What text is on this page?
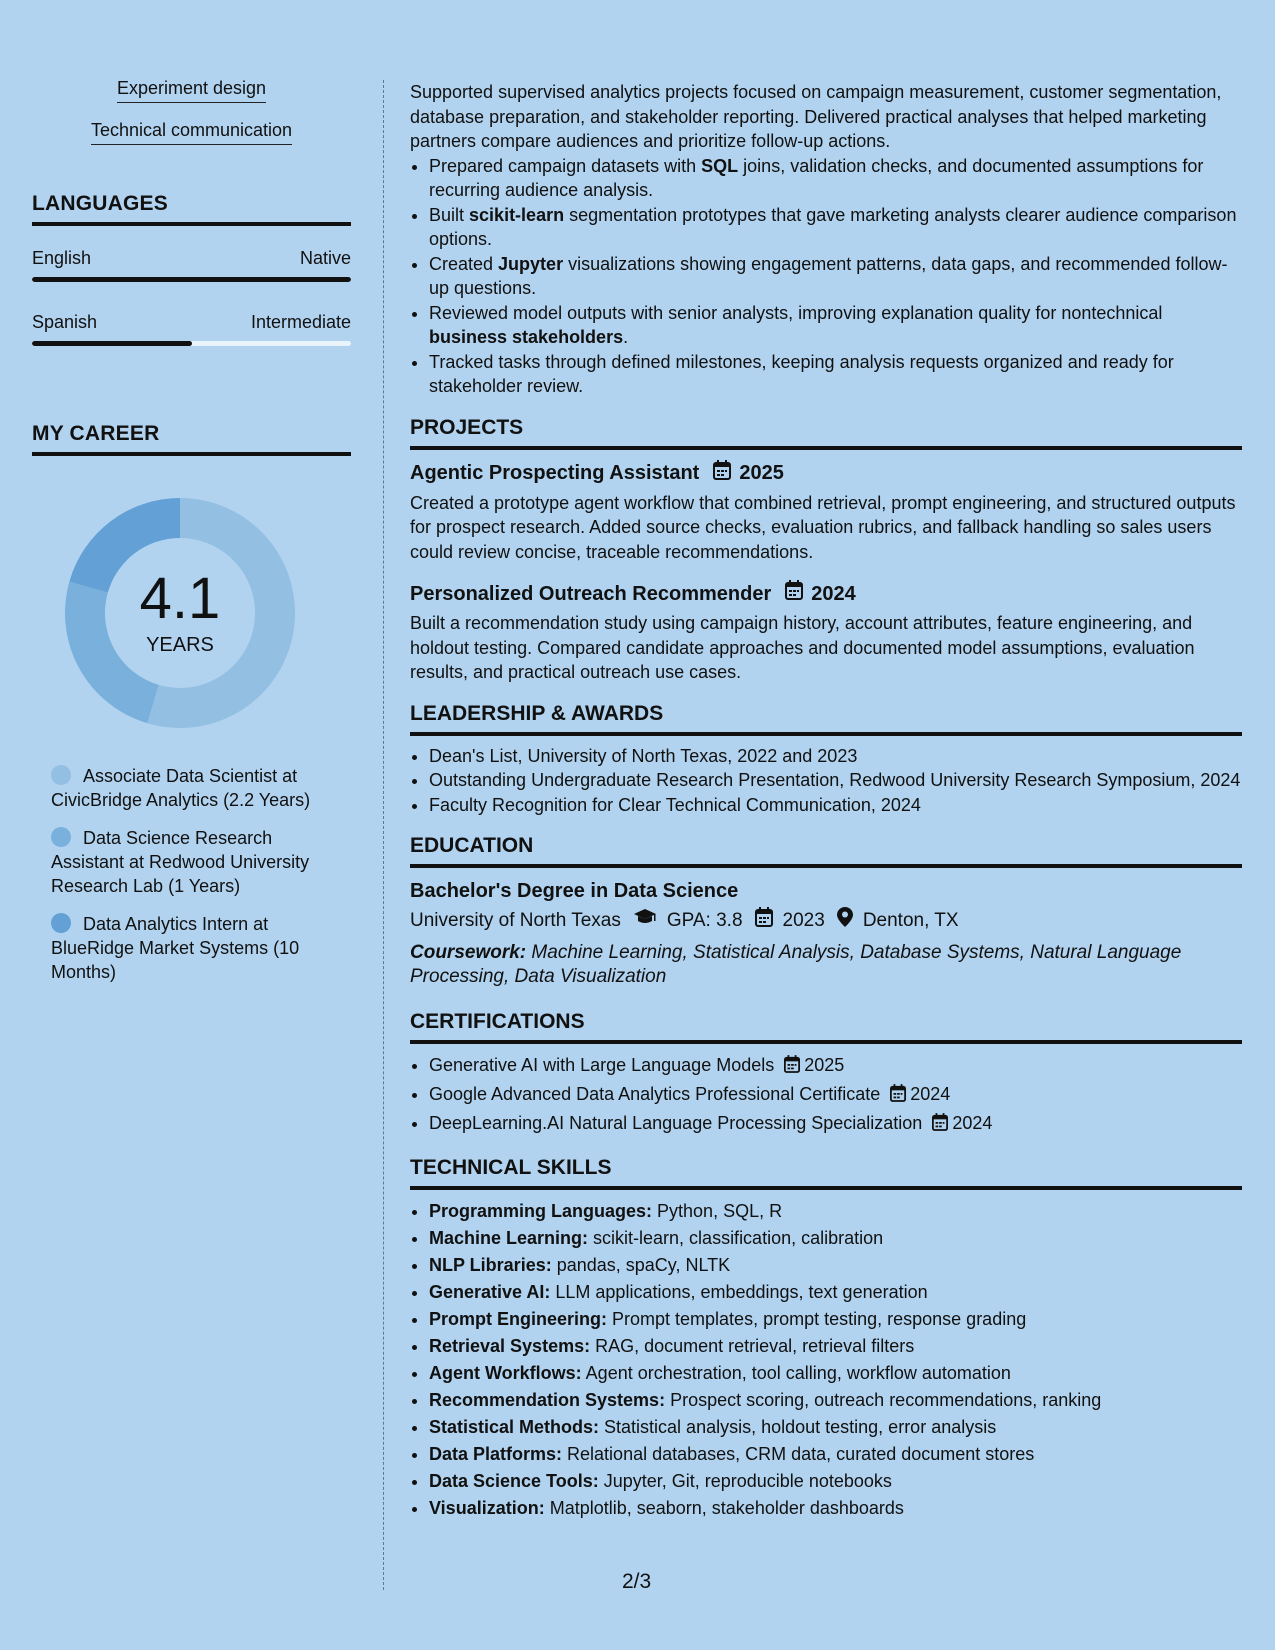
Experiment design
Technical communication
LANGUAGES
English	Native
Spanish	Intermediate
MY CAREER
4.1
YEARS
Associate Data Scientist at CivicBridge Analytics (2.2 Years)
Data Science Research Assistant at Redwood University Research Lab (1 Years)
Data Analytics Intern at BlueRidge Market Systems (10 Months)
Supported supervised analytics projects focused on campaign measurement, customer segmentation, database preparation, and stakeholder reporting. Delivered practical analyses that helped marketing partners compare audiences and prioritize follow-up actions.
• Prepared campaign datasets with SQL joins, validation checks, and documented assumptions for recurring audience analysis.
• Built scikit-learn segmentation prototypes that gave marketing analysts clearer audience comparison options.
• Created Jupyter visualizations showing engagement patterns, data gaps, and recommended follow-up questions.
• Reviewed model outputs with senior analysts, improving explanation quality for nontechnical business stakeholders.
• Tracked tasks through defined milestones, keeping analysis requests organized and ready for stakeholder review.
PROJECTS
Agentic Prospecting Assistant 2025
Created a prototype agent workflow that combined retrieval, prompt engineering, and structured outputs for prospect research. Added source checks, evaluation rubrics, and fallback handling so sales users could review concise, traceable recommendations.
Personalized Outreach Recommender 2024
Built a recommendation study using campaign history, account attributes, feature engineering, and holdout testing. Compared candidate approaches and documented model assumptions, evaluation results, and practical outreach use cases.
LEADERSHIP & AWARDS
• Dean's List, University of North Texas, 2022 and 2023
• Outstanding Undergraduate Research Presentation, Redwood University Research Symposium, 2024
• Faculty Recognition for Clear Technical Communication, 2024
EDUCATION
Bachelor's Degree in Data Science
University of North Texas GPA: 3.8 2023 Denton, TX
Coursework: Machine Learning, Statistical Analysis, Database Systems, Natural Language Processing, Data Visualization
CERTIFICATIONS
• Generative AI with Large Language Models 2025
• Google Advanced Data Analytics Professional Certificate 2024
• DeepLearning.AI Natural Language Processing Specialization 2024
TECHNICAL SKILLS
• Programming Languages: Python, SQL, R
• Machine Learning: scikit-learn, classification, calibration
• NLP Libraries: pandas, spaCy, NLTK
• Generative AI: LLM applications, embeddings, text generation
• Prompt Engineering: Prompt templates, prompt testing, response grading
• Retrieval Systems: RAG, document retrieval, retrieval filters
• Agent Workflows: Agent orchestration, tool calling, workflow automation
• Recommendation Systems: Prospect scoring, outreach recommendations, ranking
• Statistical Methods: Statistical analysis, holdout testing, error analysis
• Data Platforms: Relational databases, CRM data, curated document stores
• Data Science Tools: Jupyter, Git, reproducible notebooks
• Visualization: Matplotlib, seaborn, stakeholder dashboards
2/3
